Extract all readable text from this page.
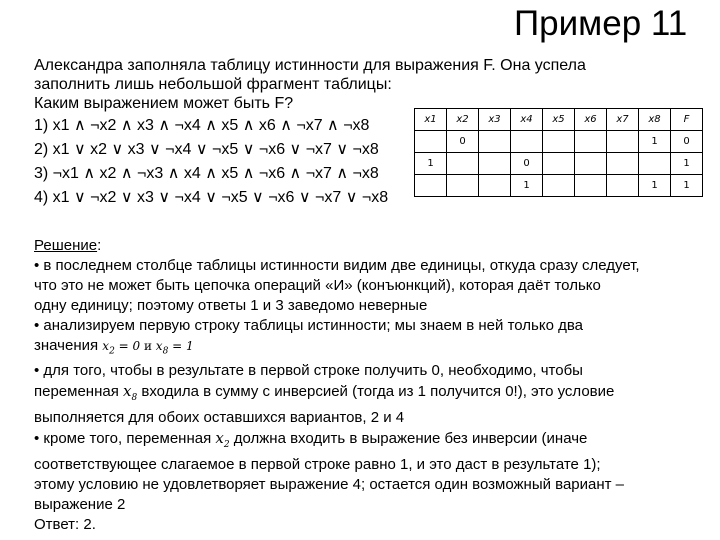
Пример 11
Александра заполняла таблицу истинности для выражения F. Она успела
заполнить лишь небольшой фрагмент таблицы:
Каким выражением может быть F?
1) x1 ∧ ¬x2 ∧ x3 ∧ ¬x4 ∧ x5 ∧ x6 ∧ ¬x7 ∧ ¬x8
2) x1 ∨ x2 ∨ x3 ∨ ¬x4 ∨ ¬x5 ∨ ¬x6 ∨ ¬x7 ∨ ¬x8
3) ¬x1 ∧ x2 ∧ ¬x3 ∧ x4 ∧ x5 ∧ ¬x6 ∧ ¬x7 ∧ ¬x8
4) x1 ∨ ¬x2 ∨ x3 ∨ ¬x4 ∨ ¬x5 ∨ ¬x6 ∨ ¬x7 ∨ ¬x8
x1	x2	x3	x4	x5	x6	x7	x8	F
	0						1	0
1			0					1
			1				1	1
Решение:
• в последнем столбце таблицы истинности видим две единицы, откуда сразу следует,
что это не может быть цепочка операций «И» (конъюнкций), которая даёт только
одну единицу; поэтому ответы 1 и 3 заведомо неверные
• анализируем первую строку таблицы истинности; мы знаем в ней только два
значения $x_2 = 0$ и $x_8 = 1$
• для того, чтобы в результате в первой строке получить 0, необходимо, чтобы
переменная $x_8$ входила в сумму с инверсией (тогда из 1 получится 0!), это условие
выполняется для обоих оставшихся вариантов, 2 и 4
• кроме того, переменная $x_2$ должна входить в выражение без инверсии (иначе
соответствующее слагаемое в первой строке равно 1, и это даст в результате 1);
этому условию не удовлетворяет выражение 4; остается один возможный вариант –
выражение 2
Ответ: 2.
